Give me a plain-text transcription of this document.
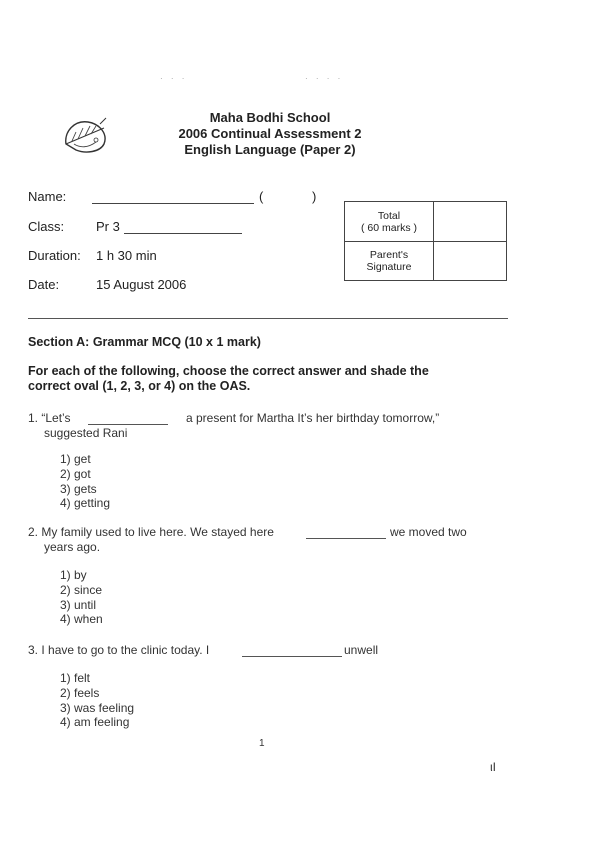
· · ·	· · · ·
Maha Bodhi School
2006 Continual Assessment 2
English Language (Paper 2)
Name:	(	)
Class: Pr 3
Duration: 1 h 30 min
Date:	15 August 2006
Total
( 60 marks )	

Parent's
Signature	

Section A: Grammar MCQ (10 x 1 mark)
For each of the following, choose the correct answer and shade the
correct oval (1, 2, 3, or 4) on the OAS.
1. “Let’s	a present for Martha It’s her birthday tomorrow,”
suggested Rani
1) get
2) got
3) gets
4) getting
2. My family used to live here. We stayed here	we moved two
years ago.
1) by
2) since
3) until
4) when
3. I have to go to the clinic today. I	unwell
1) felt
2) feels
3) was feeling
4) am feeling
1
ιΙ
